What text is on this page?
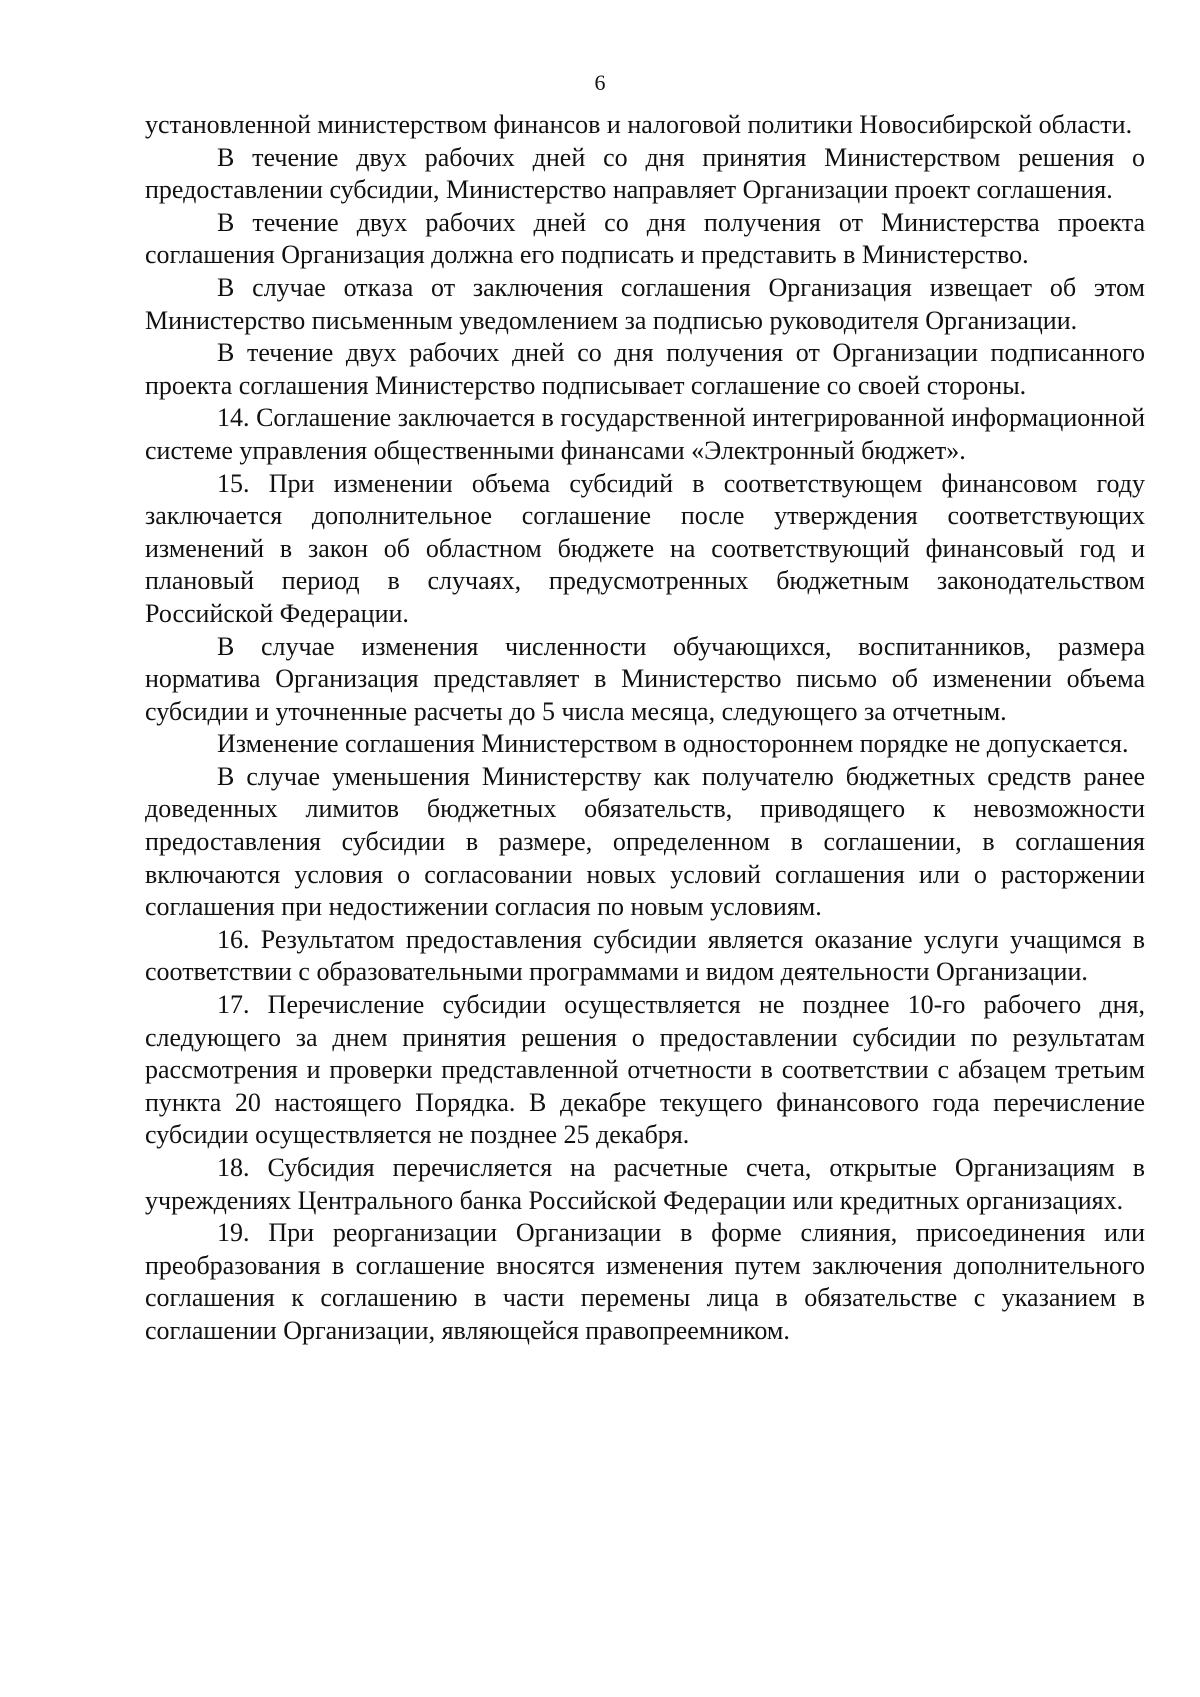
6

установленной министерством финансов и налоговой политики Новосибирской области.

В течение двух рабочих дней со дня принятия Министерством решения о предоставлении субсидии, Министерство направляет Организации проект соглашения.

В течение двух рабочих дней со дня получения от Министерства проекта соглашения Организация должна его подписать и представить в Министерство.

В случае отказа от заключения соглашения Организация извещает об этом Министерство письменным уведомлением за подписью руководителя Организации.

В течение двух рабочих дней со дня получения от Организации подписанного проекта соглашения Министерство подписывает соглашение со своей стороны.

14. Соглашение заключается в государственной интегрированной информационной системе управления общественными финансами «Электронный бюджет».

15. При изменении объема субсидий в соответствующем финансовом году заключается дополнительное соглашение после утверждения соответствующих изменений в закон об областном бюджете на соответствующий финансовый год и плановый период в случаях, предусмотренных бюджетным законодательством Российской Федерации.

В случае изменения численности обучающихся, воспитанников, размера норматива Организация представляет в Министерство письмо об изменении объема субсидии и уточненные расчеты до 5 числа месяца, следующего за отчетным.

Изменение соглашения Министерством в одностороннем порядке не допускается.

В случае уменьшения Министерству как получателю бюджетных средств ранее доведенных лимитов бюджетных обязательств, приводящего к невозможности предоставления субсидии в размере, определенном в соглашении, в соглашения включаются условия о согласовании новых условий соглашения или о расторжении соглашения при недостижении согласия по новым условиям.

16. Результатом предоставления субсидии является оказание услуги учащимся в соответствии с образовательными программами и видом деятельности Организации.

17. Перечисление субсидии осуществляется не позднее 10-го рабочего дня, следующего за днем принятия решения о предоставлении субсидии по результатам рассмотрения и проверки представленной отчетности в соответствии с абзацем третьим пункта 20 настоящего Порядка. В декабре текущего финансового года перечисление субсидии осуществляется не позднее 25 декабря.

18. Субсидия перечисляется на расчетные счета, открытые Организациям в учреждениях Центрального банка Российской Федерации или кредитных организациях.

19. При реорганизации Организации в форме слияния, присоединения или преобразования в соглашение вносятся изменения путем заключения дополнительного соглашения к соглашению в части перемены лица в обязательстве с указанием в соглашении Организации, являющейся правопреемником.
